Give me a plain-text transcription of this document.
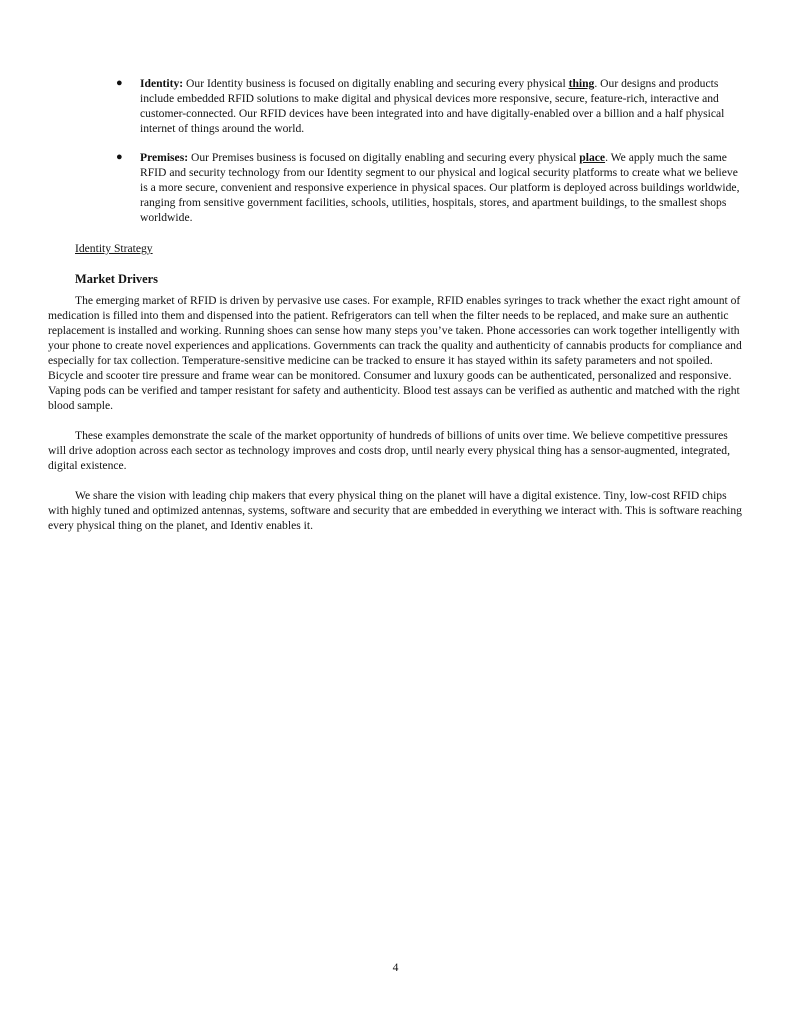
● Identity: Our Identity business is focused on digitally enabling and securing every physical thing. Our designs and products include embedded RFID solutions to make digital and physical devices more responsive, secure, feature-rich, interactive and customer-connected. Our RFID devices have been integrated into and have digitally-enabled over a billion and a half physical internet of things around the world.
● Premises: Our Premises business is focused on digitally enabling and securing every physical place. We apply much the same RFID and security technology from our Identity segment to our physical and logical security platforms to create what we believe is a more secure, convenient and responsive experience in physical spaces. Our platform is deployed across buildings worldwide, ranging from sensitive government facilities, schools, utilities, hospitals, stores, and apartment buildings, to the smallest shops worldwide.

Identity Strategy

Market Drivers

The emerging market of RFID is driven by pervasive use cases. For example, RFID enables syringes to track whether the exact right amount of medication is filled into them and dispensed into the patient. Refrigerators can tell when the filter needs to be replaced, and make sure an authentic replacement is installed and working. Running shoes can sense how many steps you’ve taken. Phone accessories can work together intelligently with your phone to create novel experiences and applications. Governments can track the quality and authenticity of cannabis products for compliance and especially for tax collection. Temperature-sensitive medicine can be tracked to ensure it has stayed within its safety parameters and not spoiled. Bicycle and scooter tire pressure and frame wear can be monitored. Consumer and luxury goods can be authenticated, personalized and responsive. Vaping pods can be verified and tamper resistant for safety and authenticity. Blood test assays can be verified as authentic and matched with the right blood sample.

These examples demonstrate the scale of the market opportunity of hundreds of billions of units over time. We believe competitive pressures will drive adoption across each sector as technology improves and costs drop, until nearly every physical thing has a sensor-augmented, integrated, digital existence.

We share the vision with leading chip makers that every physical thing on the planet will have a digital existence. Tiny, low-cost RFID chips with highly tuned and optimized antennas, systems, software and security that are embedded in everything we interact with. This is software reaching every physical thing on the planet, and Identiv enables it.

4
